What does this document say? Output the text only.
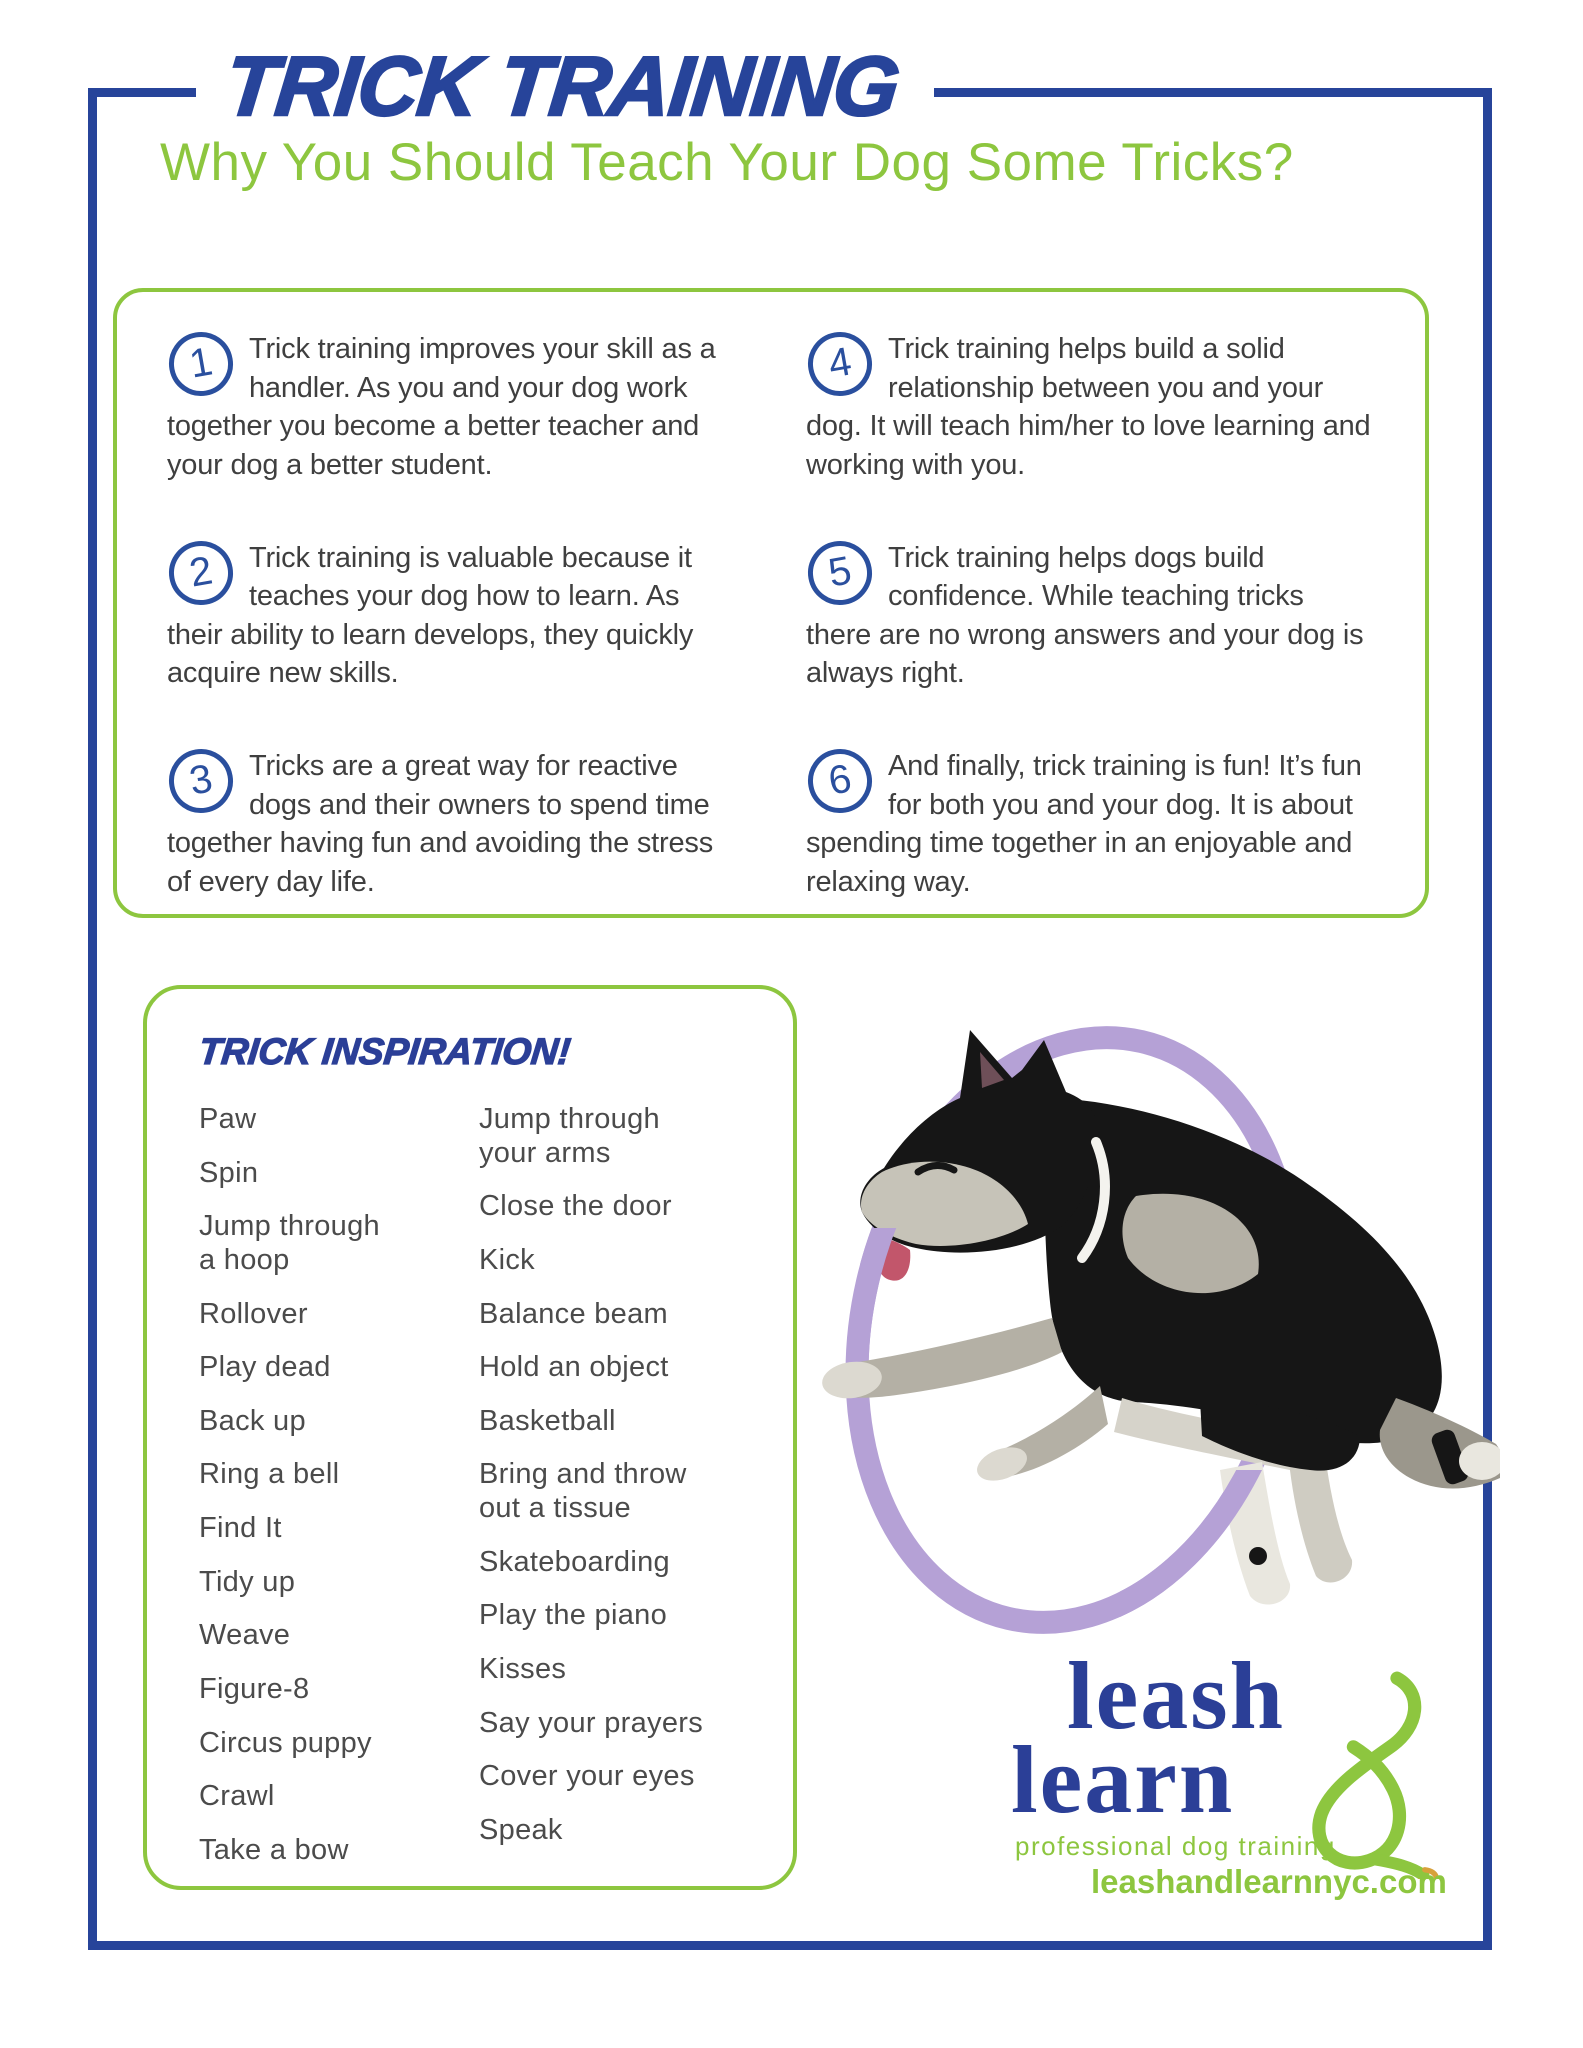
TRICK TRAINING
Why You Should Teach Your Dog Some Tricks?
1 Trick training improves your skill as a handler. As you and your dog work together you become a better teacher and your dog a better student.
2 Trick training is valuable because it teaches your dog how to learn. As their ability to learn develops, they quickly acquire new skills.
3 Tricks are a great way for reactive dogs and their owners to spend time together having fun and avoiding the stress of every day life.
4 Trick training helps build a solid relationship between you and your dog. It will teach him/her to love learning and working with you.
5 Trick training helps dogs build confidence. While teaching tricks there are no wrong answers and your dog is always right.
6 And finally, trick training is fun! It’s fun for both you and your dog. It is about spending time together in an enjoyable and relaxing way.
TRICK INSPIRATION!
Paw
Spin
Jump through a hoop
Rollover
Play dead
Back up
Ring a bell
Find It
Tidy up
Weave
Figure-8
Circus puppy
Crawl
Take a bow
Jump through your arms
Close the door
Kick
Balance beam
Hold an object
Basketball
Bring and throw out a tissue
Skateboarding
Play the piano
Kisses
Say your prayers
Cover your eyes
Speak
leash
learn
professional dog training
leashandlearnnyc.com
